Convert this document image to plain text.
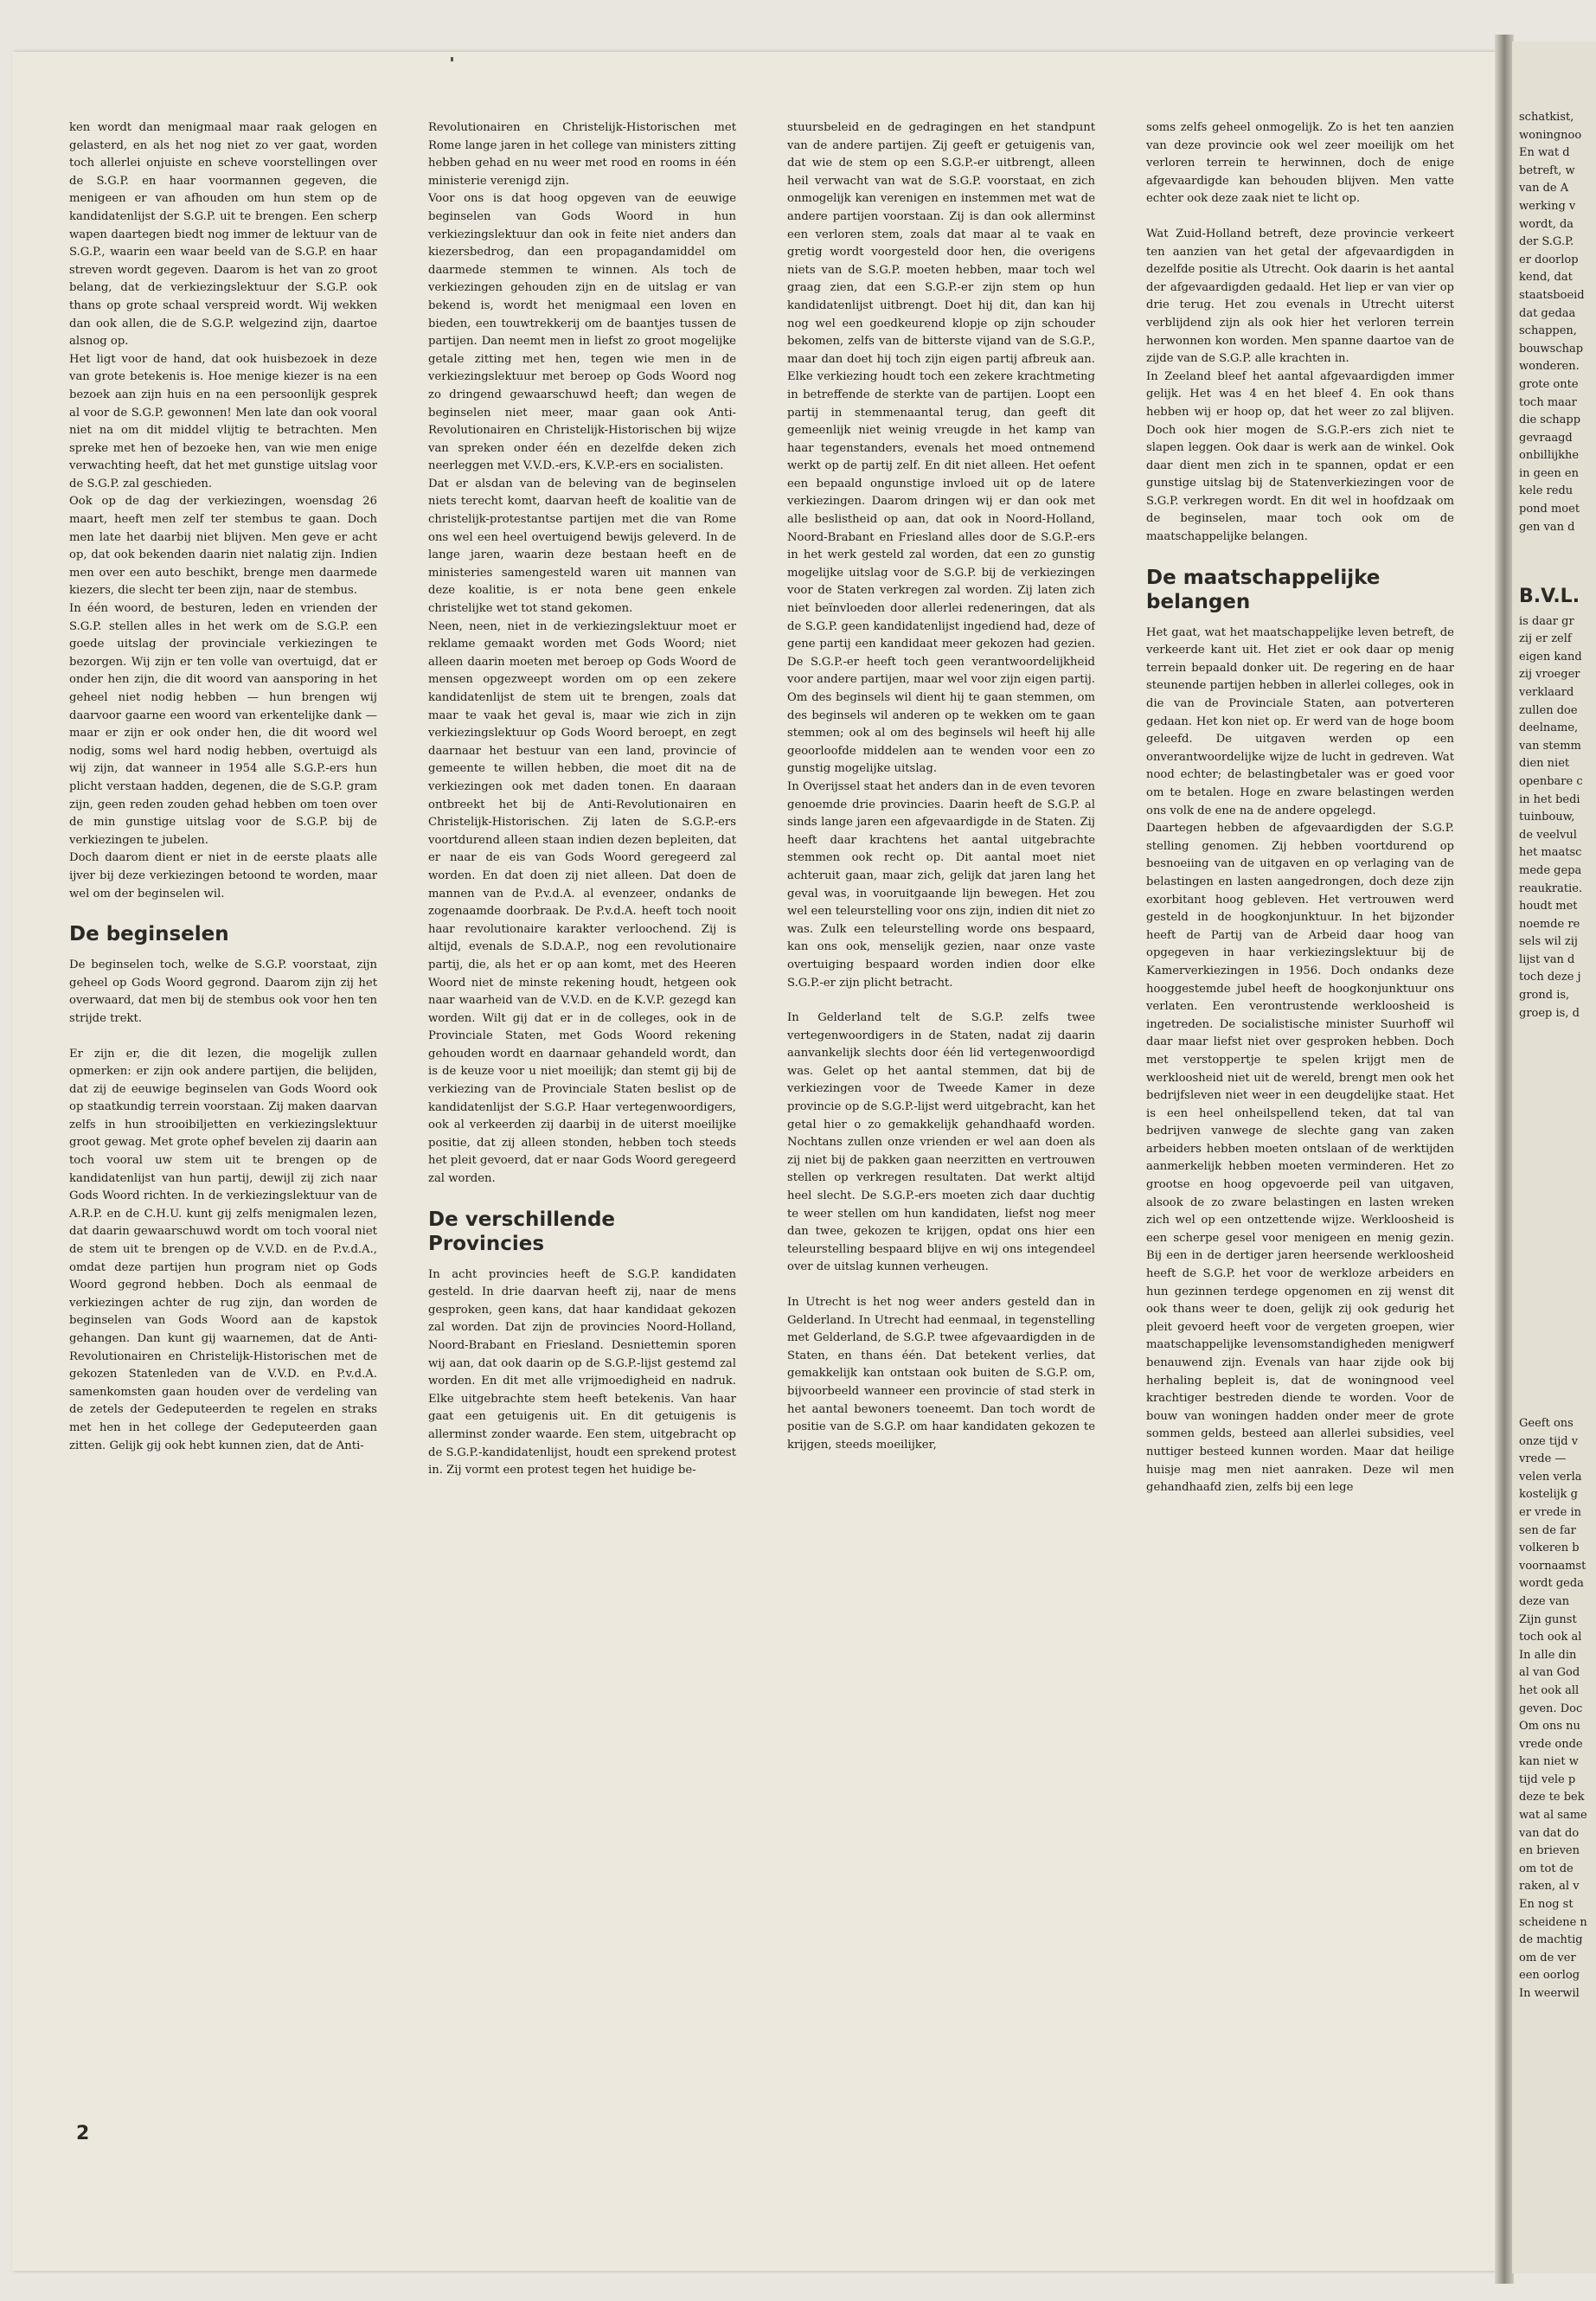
ken wordt dan menigmaal maar raak gelogen en gelasterd, en als het nog niet zo ver gaat, worden toch allerlei onjuiste en scheve voorstellingen over de S.G.P. en haar voormannen gegeven, die menigeen er van afhouden om hun stem op de kandidatenlijst der S.G.P. uit te brengen. Een scherp wapen daartegen biedt nog immer de lektuur van de S.G.P., waarin een waar beeld van de S.G.P. en haar streven wordt gegeven. Daarom is het van zo groot belang, dat de verkiezingslektuur der S.G.P. ook thans op grote schaal verspreid wordt. Wij wekken dan ook allen, die de S.G.P. welgezind zijn, daartoe alsnog op.

Het ligt voor de hand, dat ook huisbezoek in deze van grote betekenis is. Hoe menige kiezer is na een bezoek aan zijn huis en na een persoonlijk gesprek al voor de S.G.P. gewonnen! Men late dan ook vooral niet na om dit middel vlijtig te betrachten. Men spreke met hen of bezoeke hen, van wie men enige verwachting heeft, dat het met gunstige uitslag voor de S.G.P. zal geschieden.

Ook op de dag der verkiezingen, woensdag 26 maart, heeft men zelf ter stembus te gaan. Doch men late het daarbij niet blijven. Men geve er acht op, dat ook bekenden daarin niet nalatig zijn. Indien men over een auto beschikt, brenge men daarmede kiezers, die slecht ter been zijn, naar de stembus.

In één woord, de besturen, leden en vrienden der S.G.P. stellen alles in het werk om de S.G.P. een goede uitslag der provinciale verkiezingen te bezorgen. Wij zijn er ten volle van overtuigd, dat er onder hen zijn, die dit woord van aansporing in het geheel niet nodig hebben — hun brengen wij daarvoor gaarne een woord van erkentelijke dank — maar er zijn er ook onder hen, die dit woord wel nodig, soms wel hard nodig hebben, overtuigd als wij zijn, dat wanneer in 1954 alle S.G.P.-ers hun plicht verstaan hadden, degenen, die de S.G.P. gram zijn, geen reden zouden gehad hebben om toen over de min gunstige uitslag voor de S.G.P. bij de verkiezingen te jubelen.

Doch daarom dient er niet in de eerste plaats alle ijver bij deze verkiezingen betoond te worden, maar wel om der beginselen wil.

De beginselen

De beginselen toch, welke de S.G.P. voorstaat, zijn geheel op Gods Woord gegrond. Daarom zijn zij het overwaard, dat men bij de stembus ook voor hen ten strijde trekt.

Er zijn er, die dit lezen, die mogelijk zullen opmerken: er zijn ook andere partijen, die belijden, dat zij de eeuwige beginselen van Gods Woord ook op staatkundig terrein voorstaan. Zij maken daarvan zelfs in hun strooibiljetten en verkiezingslektuur groot gewag. Met grote ophef bevelen zij daarin aan toch vooral uw stem uit te brengen op de kandidatenlijst van hun partij, dewijl zij zich naar Gods Woord richten. In de verkiezingslektuur van de A.R.P. en de C.H.U. kunt gij zelfs menigmalen lezen, dat daarin gewaarschuwd wordt om toch vooral niet de stem uit te brengen op de V.V.D. en de P.v.d.A., omdat deze partijen hun program niet op Gods Woord gegrond hebben. Doch als eenmaal de verkiezingen achter de rug zijn, dan worden de beginselen van Gods Woord aan de kapstok gehangen. Dan kunt gij waarnemen, dat de Anti-Revolutionairen en Christelijk-Historischen met de gekozen Statenleden van de V.V.D. en P.v.d.A. samenkomsten gaan houden over de verdeling van de zetels der Gedeputeerden te regelen en straks met hen in het college der Gedeputeerden gaan zitten. Gelijk gij ook hebt kunnen zien, dat de Anti-

Revolutionairen en Christelijk-Historischen met Rome lange jaren in het college van ministers zitting hebben gehad en nu weer met rood en rooms in één ministerie verenigd zijn.

Voor ons is dat hoog opgeven van de eeuwige beginselen van Gods Woord in hun verkiezingslektuur dan ook in feite niet anders dan kiezersbedrog, dan een propagandamiddel om daarmede stemmen te winnen. Als toch de verkiezingen gehouden zijn en de uitslag er van bekend is, wordt het menigmaal een loven en bieden, een touwtrekkerij om de baantjes tussen de partijen. Dan neemt men in liefst zo groot mogelijke getale zitting met hen, tegen wie men in de verkiezingslektuur met beroep op Gods Woord nog zo dringend gewaarschuwd heeft; dan wegen de beginselen niet meer, maar gaan ook Anti-Revolutionairen en Christelijk-Historischen bij wijze van spreken onder één en dezelfde deken zich neerleggen met V.V.D.-ers, K.V.P.-ers en socialisten.

Dat er alsdan van de beleving van de beginselen niets terecht komt, daarvan heeft de koalitie van de christelijk-protestantse partijen met die van Rome ons wel een heel overtuigend bewijs geleverd. In de lange jaren, waarin deze bestaan heeft en de ministeries samengesteld waren uit mannen van deze koalitie, is er nota bene geen enkele christelijke wet tot stand gekomen.

Neen, neen, niet in de verkiezingslektuur moet er reklame gemaakt worden met Gods Woord; niet alleen daarin moeten met beroep op Gods Woord de mensen opgezweept worden om op een zekere kandidatenlijst de stem uit te brengen, zoals dat maar te vaak het geval is, maar wie zich in zijn verkiezingslektuur op Gods Woord beroept, en zegt daarnaar het bestuur van een land, provincie of gemeente te willen hebben, die moet dit na de verkiezingen ook met daden tonen. En daaraan ontbreekt het bij de Anti-Revolutionairen en Christelijk-Historischen. Zij laten de S.G.P.-ers voortdurend alleen staan indien dezen bepleiten, dat er naar de eis van Gods Woord geregeerd zal worden. En dat doen zij niet alleen. Dat doen de mannen van de P.v.d.A. al evenzeer, ondanks de zogenaamde doorbraak. De P.v.d.A. heeft toch nooit haar revolutionaire karakter verloochend. Zij is altijd, evenals de S.D.A.P., nog een revolutionaire partij, die, als het er op aan komt, met des Heeren Woord niet de minste rekening houdt, hetgeen ook naar waarheid van de V.V.D. en de K.V.P. gezegd kan worden. Wilt gij dat er in de colleges, ook in de Provinciale Staten, met Gods Woord rekening gehouden wordt en daarnaar gehandeld wordt, dan is de keuze voor u niet moeilijk; dan stemt gij bij de verkiezing van de Provinciale Staten beslist op de kandidatenlijst der S.G.P. Haar vertegenwoordigers, ook al verkeerden zij daarbij in de uiterst moeilijke positie, dat zij alleen stonden, hebben toch steeds het pleit gevoerd, dat er naar Gods Woord geregeerd zal worden.

De verschillende Provincies

In acht provincies heeft de S.G.P. kandidaten gesteld. In drie daarvan heeft zij, naar de mens gesproken, geen kans, dat haar kandidaat gekozen zal worden. Dat zijn de provincies Noord-Holland, Noord-Brabant en Friesland. Desniettemin sporen wij aan, dat ook daarin op de S.G.P.-lijst gestemd zal worden. En dit met alle vrijmoedigheid en nadruk. Elke uitgebrachte stem heeft betekenis. Van haar gaat een getuigenis uit. En dit getuigenis is allerminst zonder waarde. Een stem, uitgebracht op de S.G.P.-kandidatenlijst, houdt een sprekend protest in. Zij vormt een protest tegen het huidige be-

stuursbeleid en de gedragingen en het standpunt van de andere partijen. Zij geeft er getuigenis van, dat wie de stem op een S.G.P.-er uitbrengt, alleen heil verwacht van wat de S.G.P. voorstaat, en zich onmogelijk kan verenigen en instemmen met wat de andere partijen voorstaan. Zij is dan ook allerminst een verloren stem, zoals dat maar al te vaak en gretig wordt voorgesteld door hen, die overigens niets van de S.G.P. moeten hebben, maar toch wel graag zien, dat een S.G.P.-er zijn stem op hun kandidatenlijst uitbrengt. Doet hij dit, dan kan hij nog wel een goedkeurend klopje op zijn schouder bekomen, zelfs van de bitterste vijand van de S.G.P., maar dan doet hij toch zijn eigen partij afbreuk aan. Elke verkiezing houdt toch een zekere krachtmeting in betreffende de sterkte van de partijen. Loopt een partij in stemmenaantal terug, dan geeft dit gemeenlijk niet weinig vreugde in het kamp van haar tegenstanders, evenals het moed ontnemend werkt op de partij zelf. En dit niet alleen. Het oefent een bepaald ongunstige invloed uit op de latere verkiezingen. Daarom dringen wij er dan ook met alle beslistheid op aan, dat ook in Noord-Holland, Noord-Brabant en Friesland alles door de S.G.P.-ers in het werk gesteld zal worden, dat een zo gunstig mogelijke uitslag voor de S.G.P. bij de verkiezingen voor de Staten verkregen zal worden. Zij laten zich niet beïnvloeden door allerlei redeneringen, dat als de S.G.P. geen kandidatenlijst ingediend had, deze of gene partij een kandidaat meer gekozen had gezien. De S.G.P.-er heeft toch geen verantwoordelijkheid voor andere partijen, maar wel voor zijn eigen partij. Om des beginsels wil dient hij te gaan stemmen, om des beginsels wil anderen op te wekken om te gaan stemmen; ook al om des beginsels wil heeft hij alle geoorloofde middelen aan te wenden voor een zo gunstig mogelijke uitslag.

In Overijssel staat het anders dan in de even tevoren genoemde drie provincies. Daarin heeft de S.G.P. al sinds lange jaren een afgevaardigde in de Staten. Zij heeft daar krachtens het aantal uitgebrachte stemmen ook recht op. Dit aantal moet niet achteruit gaan, maar zich, gelijk dat jaren lang het geval was, in vooruitgaande lijn bewegen. Het zou wel een teleurstelling voor ons zijn, indien dit niet zo was. Zulk een teleurstelling worde ons bespaard, kan ons ook, menselijk gezien, naar onze vaste overtuiging bespaard worden indien door elke S.G.P.-er zijn plicht betracht.

In Gelderland telt de S.G.P. zelfs twee vertegenwoordigers in de Staten, nadat zij daarin aanvankelijk slechts door één lid vertegenwoordigd was. Gelet op het aantal stemmen, dat bij de verkiezingen voor de Tweede Kamer in deze provincie op de S.G.P.-lijst werd uitgebracht, kan het getal hier o zo gemakkelijk gehandhaafd worden. Nochtans zullen onze vrienden er wel aan doen als zij niet bij de pakken gaan neerzitten en vertrouwen stellen op verkregen resultaten. Dat werkt altijd heel slecht. De S.G.P.-ers moeten zich daar duchtig te weer stellen om hun kandidaten, liefst nog meer dan twee, gekozen te krijgen, opdat ons hier een teleurstelling bespaard blijve en wij ons integendeel over de uitslag kunnen verheugen.

In Utrecht is het nog weer anders gesteld dan in Gelderland. In Utrecht had eenmaal, in tegenstelling met Gelderland, de S.G.P. twee afgevaardigden in de Staten, en thans één. Dat betekent verlies, dat gemakkelijk kan ontstaan ook buiten de S.G.P. om, bijvoorbeeld wanneer een provincie of stad sterk in het aantal bewoners toeneemt. Dan toch wordt de positie van de S.G.P. om haar kandidaten gekozen te krijgen, steeds moeilijker,

soms zelfs geheel onmogelijk. Zo is het ten aanzien van deze provincie ook wel zeer moeilijk om het verloren terrein te herwinnen, doch de enige afgevaardigde kan behouden blijven. Men vatte echter ook deze zaak niet te licht op.

Wat Zuid-Holland betreft, deze provincie verkeert ten aanzien van het getal der afgevaardigden in dezelfde positie als Utrecht. Ook daarin is het aantal der afgevaardigden gedaald. Het liep er van vier op drie terug. Het zou evenals in Utrecht uiterst verblijdend zijn als ook hier het verloren terrein herwonnen kon worden. Men spanne daartoe van de zijde van de S.G.P. alle krachten in.

In Zeeland bleef het aantal afgevaardigden immer gelijk. Het was 4 en het bleef 4. En ook thans hebben wij er hoop op, dat het weer zo zal blijven. Doch ook hier mogen de S.G.P.-ers zich niet te slapen leggen. Ook daar is werk aan de winkel. Ook daar dient men zich in te spannen, opdat er een gunstige uitslag bij de Statenverkiezingen voor de S.G.P. verkregen wordt. En dit wel in hoofdzaak om de beginselen, maar toch ook om de maatschappelijke belangen.

De maatschappelijke belangen

Het gaat, wat het maatschappelijke leven betreft, de verkeerde kant uit. Het ziet er ook daar op menig terrein bepaald donker uit. De regering en de haar steunende partijen hebben in allerlei colleges, ook in die van de Provinciale Staten, aan potverteren gedaan. Het kon niet op. Er werd van de hoge boom geleefd. De uitgaven werden op een onverantwoordelijke wijze de lucht in gedreven. Wat nood echter; de belastingbetaler was er goed voor om te betalen. Hoge en zware belastingen werden ons volk de ene na de andere opgelegd.

Daartegen hebben de afgevaardigden der S.G.P. stelling genomen. Zij hebben voortdurend op besnoeiing van de uitgaven en op verlaging van de belastingen en lasten aangedrongen, doch deze zijn exorbitant hoog gebleven. Het vertrouwen werd gesteld in de hoogkonjunktuur. In het bijzonder heeft de Partij van de Arbeid daar hoog van opgegeven in haar verkiezingslektuur bij de Kamerverkiezingen in 1956. Doch ondanks deze hooggestemde jubel heeft de hoogkonjunktuur ons verlaten. Een verontrustende werkloosheid is ingetreden. De socialistische minister Suurhoff wil daar maar liefst niet over gesproken hebben. Doch met verstoppertje te spelen krijgt men de werkloosheid niet uit de wereld, brengt men ook het bedrijfsleven niet weer in een deugdelijke staat. Het is een heel onheilspellend teken, dat tal van bedrijven vanwege de slechte gang van zaken arbeiders hebben moeten ontslaan of de werktijden aanmerkelijk hebben moeten verminderen. Het zo grootse en hoog opgevoerde peil van uitgaven, alsook de zo zware belastingen en lasten wreken zich wel op een ontzettende wijze. Werkloosheid is een scherpe gesel voor menigeen en menig gezin. Bij een in de dertiger jaren heersende werkloosheid heeft de S.G.P. het voor de werkloze arbeiders en hun gezinnen terdege opgenomen en zij wenst dit ook thans weer te doen, gelijk zij ook gedurig het pleit gevoerd heeft voor de vergeten groepen, wier maatschappelijke levensomstandigheden menigwerf benauwend zijn. Evenals van haar zijde ook bij herhaling bepleit is, dat de woningnood veel krachtiger bestreden diende te worden. Voor de bouw van woningen hadden onder meer de grote sommen gelds, besteed aan allerlei subsidies, veel nuttiger besteed kunnen worden. Maar dat heilige huisje mag men niet aanraken. Deze wil men gehandhaafd zien, zelfs bij een lege

2
schatkist,
woningnoo
En wat d
betreft, w
van de A
werking v
wordt, da
der S.G.P.
er doorlop
kend, dat
staatsboeid
dat gedaa
schappen,
bouwschap
wonderen.
grote onte
toch maar
die schapp
gevraagd
onbillijkhe
in geen en
kele redu
pond moet
gen van d
B.V.L.
is daar gr
zij er zelf
eigen kand
zij vroeger
verklaard
zullen doe
deelname,
van stemm
dien niet
openbare c
in het bedi
tuinbouw,
de veelvul
het maatsc
mede gepa
reaukratie.
houdt met
noemde re
sels wil zij
lijst van d
toch deze j
grond is,
groep is, d
Geeft ons
onze tijd v
vrede —
velen verla
kostelijk g
er vrede in
sen de far
volkeren b
voornaamst
wordt geda
deze van
Zijn gunst
toch ook al
In alle din
al van God
het ook all
geven. Doc
Om ons nu
vrede onde
kan niet w
tijd vele p
deze te bek
wat al same
van dat do
en brieven
om tot de
raken, al v
En nog st
scheidene n
de machtig
om de ver
een oorlog
In weerwil
